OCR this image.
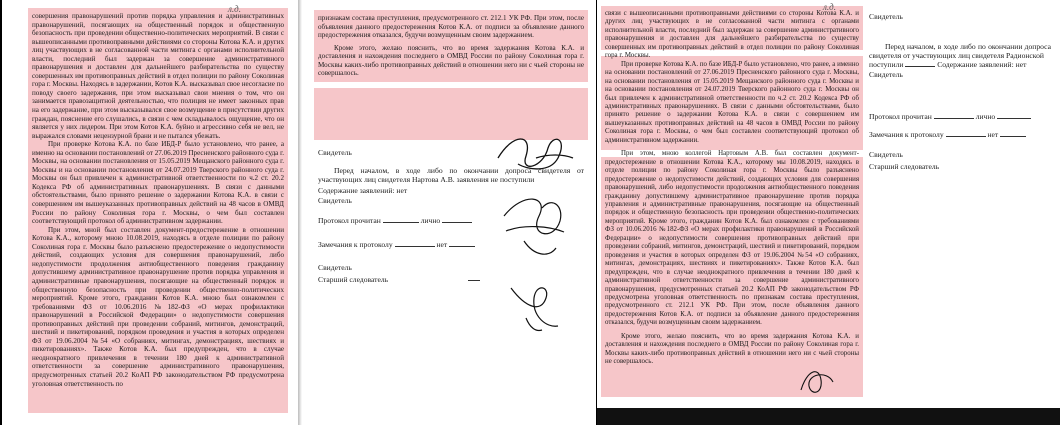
л.д.

совершения правонарушений против порядка управления и административных правонарушений, посягающих на общественный порядок и общественную безопасность при проведении общественно-политических мероприятий. В связи с вышеописанными противоправными действиями со стороны Котова К.А. и других лиц участвующих в не согласованной части митинга с органами исполнительной власти, последний был задержан за совершение административного правонарушения и доставлен для дальнейшего разбирательства по существу совершенных им противоправных действий в отдел полиции по району Соколиная гора г. Москвы. Находясь в задержании, Котов К.А. высказывал свое несогласие по поводу своего задержания, при этом высказывал свои мнения о том, что он занимается правозащитной деятельностью, что полиция не имеет законных прав на его задержание, при этом высказывался свое возмущение в присутствии других граждан, пояснение его слушались, в связи с чем складывалось ощущение, что он является у них лидером. При этом Котов К.А. буйно и агрессивно себя не вел, не выражался словами нецензурной брани и не пытался убежать.

При проверке Котова К.А. по базе ИБД-Р было установлено, что ранее, а именно на основании постановлений от 27.06.2019 Пресненского районного суда г. Москвы, на основании постановления от 15.05.2019 Мещанского районного суда г. Москвы и на основании постановления от 24.07.2019 Тверского районного суда г. Москвы он был привлечен к административной ответственности по ч.2 ст. 20.2 Кодекса РФ об административных правонарушениях. В связи с данными обстоятельствами, было принято решение о задержании Котова К.А. в связи с совершением им вышеуказанных противоправных действий на 48 часов в ОМВД России по району Соколиная гора г. Москвы, о чем был составлен соответствующий протокол об административном задержании.

При этом, мной был составлен документ-предостережение в отношении Котова К.А., которому мною 10.08.2019, находясь в отделе полиции по району Соколиная гора г. Москвы было разъяснено предостережение о недопустимости действий, создающих условия для совершения правонарушений, либо недопустимости продолжения антиобщественного поведения гражданину допустившему административное правонарушение против порядка управления и административные правонарушения, посягающие на общественный порядок и общественную безопасность при проведении общественно-политических мероприятий. Кроме этого, гражданин Котов К.А. мною был ознакомлен с требованиями ФЗ от 10.06.2016 №182-ФЗ «О мерах профилактики правонарушений в Российской Федерации» о недопустимости совершения противоправных действий при проведении собраний, митингов, демонстраций, шествий и пикетирований, порядком проведения и участия в которых определен ФЗ от 19.06.2004 №54 «О собраниях, митингах, демонстрациях, шествиях и пикетированиях». Также Котов К.А. был предупрежден, что в случае неоднократного привлечения в течении 180 дней к административной ответственности за совершение административного правонарушения, предусмотренных статьей 20.2 КоАП РФ законодательством РФ предусмотрена уголовная ответственность по

признакам состава преступления, предусмотренного ст. 212.1 УК РФ. При этом, после объявления данного предостережения Котов К.А. от подписи за объявление данного предостережения отказался, будучи возмущенным своим задержанием.

Кроме этого, желаю пояснить, что во время задержания Котова К.А. и доставления и нахождения последнего в ОМВД России по району Соколиная гора г. Москвы каких-либо противоправных действий в отношении него ни с чьей стороны не совершалось.

Свидетель

Перед началом, в ходе либо по окончании допроса свидетеля от участвующих лиц свидетеля Нартова А.В. заявления не поступили

Содержание заявлений: нет
Свидетель
Протокол прочитан	лично
Замечания к протоколу	нет
Свидетель
Старший следователь
л.д.

связи с вышеописанными противоправными действиями со стороны Котова К.А. и других лиц участвующих в не согласованной части митинга с органами исполнительной власти, последний был задержан за совершение административного правонарушения и доставлен для дальнейшего разбирательства по существу совершенных им противоправных действий в отдел полиции по району Соколиная гора г. Москвы.

При проверке Котова К.А. по базе ИБД-Р было установлено, что ранее, а именно на основании постановлений от 27.06.2019 Пресненского районного суда г. Москвы, на основании постановления от 15.05.2019 Мещанского районного суда г. Москвы и на основании постановления от 24.07.2019 Тверского районного суда г. Москвы он был привлечен к административной ответственности по ч.2 ст. 20.2 Кодекса РФ об административных правонарушениях. В связи с данными обстоятельствами, было принято решение о задержании Котова К.А. в связи с совершением им вышеуказанных противоправных действий на 48 часов в ОМВД России по району Соколиная гора г. Москвы, о чем был составлен соответствующий протокол об административном задержании.

При этом, мною коллегой Нартовым А.В. был составлен документ-предостережение в отношении Котова К.А., которому мы 10.08.2019, находясь в отделе полиции по району Соколиная гора г. Москвы было разъяснено предостережение о недопустимости действий, создающих условия для совершения правонарушений, либо недопустимости продолжения антиобщественного поведения гражданину допустившему административное правонарушение против порядка управления и административные правонарушения, посягающие на общественный порядок и общественную безопасность при проведении общественно-политических мероприятий. Кроме этого, гражданин Котов К.А. был ознакомлен с требованиями ФЗ от 10.06.2016 №182-ФЗ «О мерах профилактики правонарушений в Российской Федерации» о недопустимости совершения противоправных действий при проведении собраний, митингов, демонстраций, шествий и пикетирований, порядком проведения и участия в которых определен ФЗ от 19.06.2004 №54 «О собраниях, митингах, демонстрациях, шествиях и пикетированиях». Также Котов К.А. был предупрежден, что в случае неоднократного привлечения в течении 180 дней к административной ответственности за совершение административного правонарушения, предусмотренных статьей 20.2 КоАП РФ законодательством РФ предусмотрена уголовная ответственность по признакам состава преступления, предусмотренного ст. 212.1 УК РФ. При этом, после объявления данного предостережения Котов К.А. от подписи за объявление данного предостережения отказался, будучи возмущенным своим задержанием.

Кроме этого, желаю пояснить, что во время задержания Котова К.А. и доставления и нахождения последнего в ОМВД России по району Соколиная гора г. Москвы каких-либо противоправных действий в отношении него ни с чьей стороны не совершалось.

Свидетель

Перед началом, в ходе либо по окончании допроса свидетеля от участвующих лиц свидетеля Радионской

поступили	Содержание заявлений: нет
Свидетель
Протокол прочитан	лично
Замечания к протоколу	нет
Свидетель
Старший следователь
